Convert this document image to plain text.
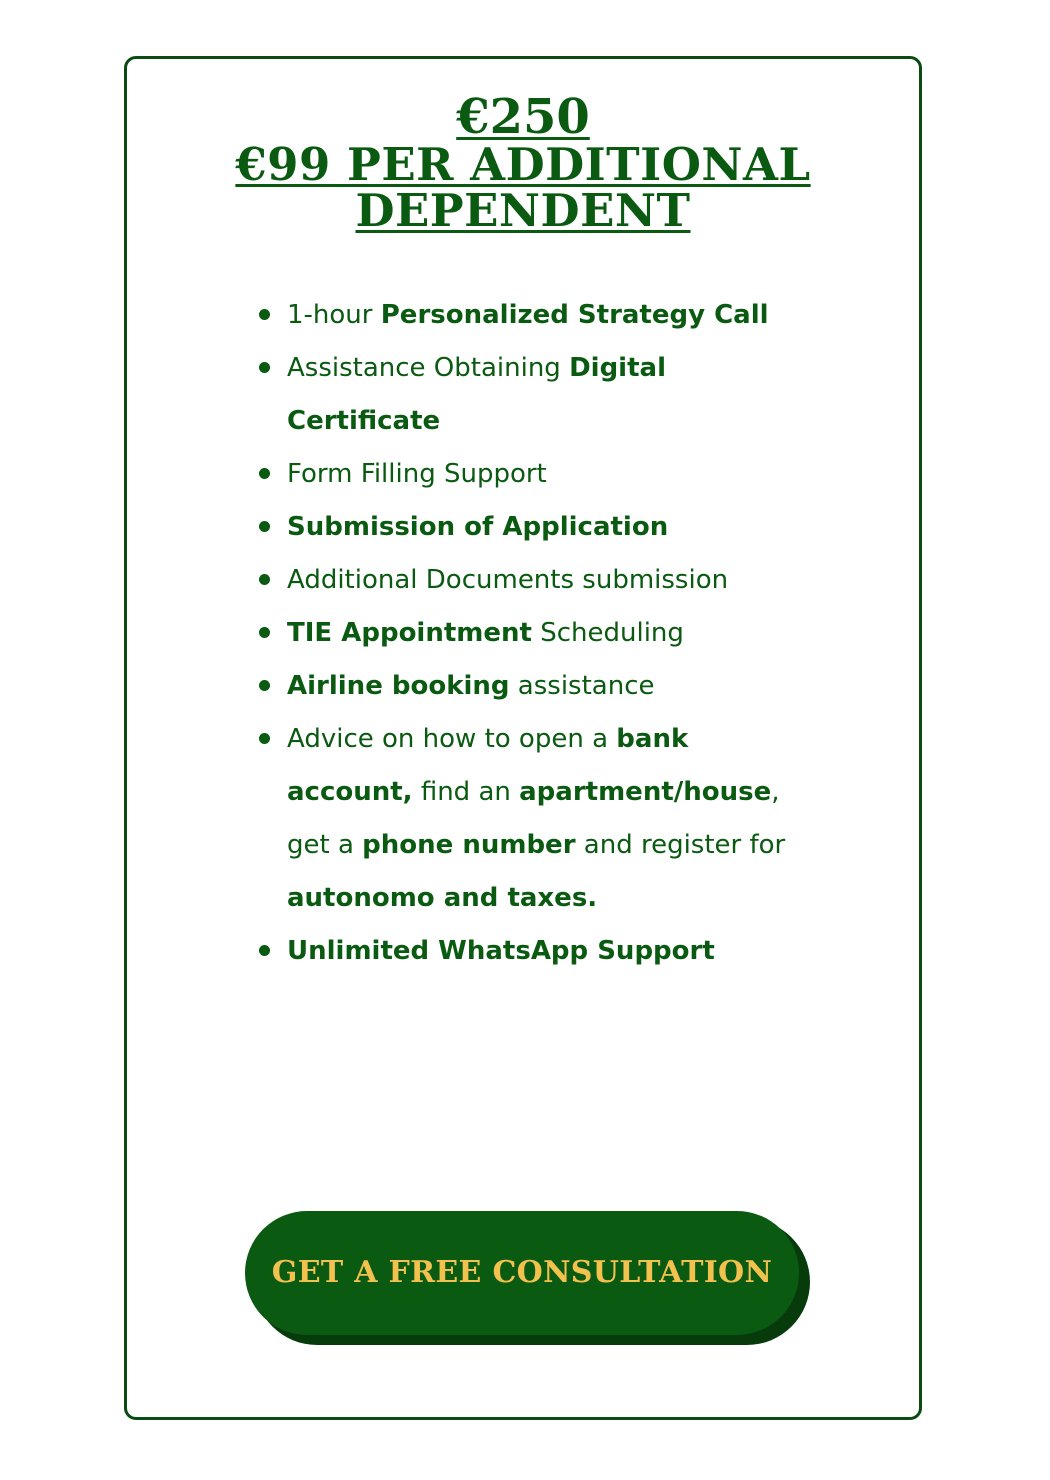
€250
€99 PER ADDITIONAL DEPENDENT
1-hour Personalized Strategy Call
Assistance Obtaining Digital Certificate
Form Filling Support
Submission of Application
Additional Documents submission
TIE Appointment Scheduling
Airline booking assistance
Advice on how to open a bank account, find an apartment/house, get a phone number and register for autonomo and taxes.
Unlimited WhatsApp Support
GET A FREE CONSULTATION
